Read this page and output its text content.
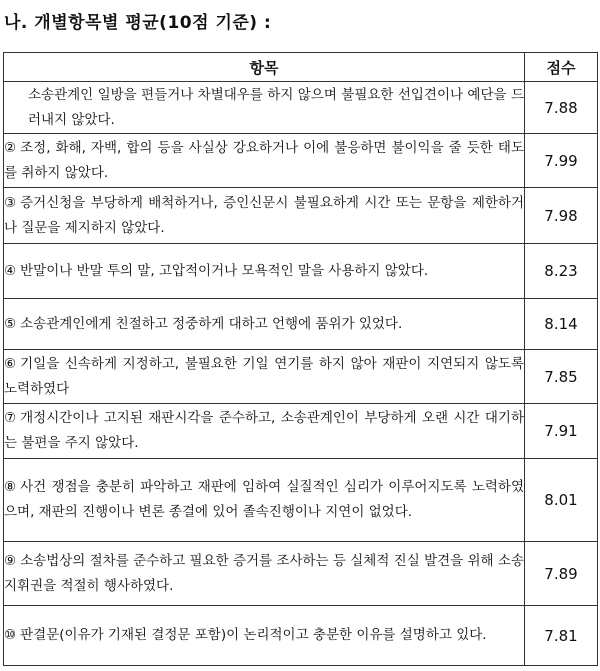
나. 개별항목별 평균(10점 기준) :
항목	점수
소송관계인 일방을 편들거나 차별대우를 하지 않으며 불필요한 선입견이나 예단을 드러내지 않았다.	7.88
② 조정, 화해, 자백, 합의 등을 사실상 강요하거나 이에 불응하면 불이익을 줄 듯한 태도를 취하지 않았다.	7.99
③ 증거신청을 부당하게 배척하거나, 증인신문시 불필요하게 시간 또는 문항을 제한하거나 질문을 제지하지 않았다.	7.98
④ 반말이나 반말 투의 말, 고압적이거나 모욕적인 말을 사용하지 않았다.	8.23
⑤ 소송관계인에게 친절하고 정중하게 대하고 언행에 품위가 있었다.	8.14
⑥ 기일을 신속하게 지정하고, 불필요한 기일 연기를 하지 않아 재판이 지연되지 않도록 노력하였다	7.85
⑦ 개정시간이나 고지된 재판시각을 준수하고, 소송관계인이 부당하게 오랜 시간 대기하는 불편을 주지 않았다.	7.91
⑧ 사건 쟁점을 충분히 파악하고 재판에 임하여 실질적인 심리가 이루어지도록 노력하였으며, 재판의 진행이나 변론 종결에 있어 졸속진행이나 지연이 없었다.	8.01
⑨ 소송법상의 절차를 준수하고 필요한 증거를 조사하는 등 실체적 진실 발견을 위해 소송지휘권을 적절히 행사하였다.	7.89
⑩ 판결문(이유가 기재된 결정문 포함)이 논리적이고 충분한 이유를 설명하고 있다.	7.81
